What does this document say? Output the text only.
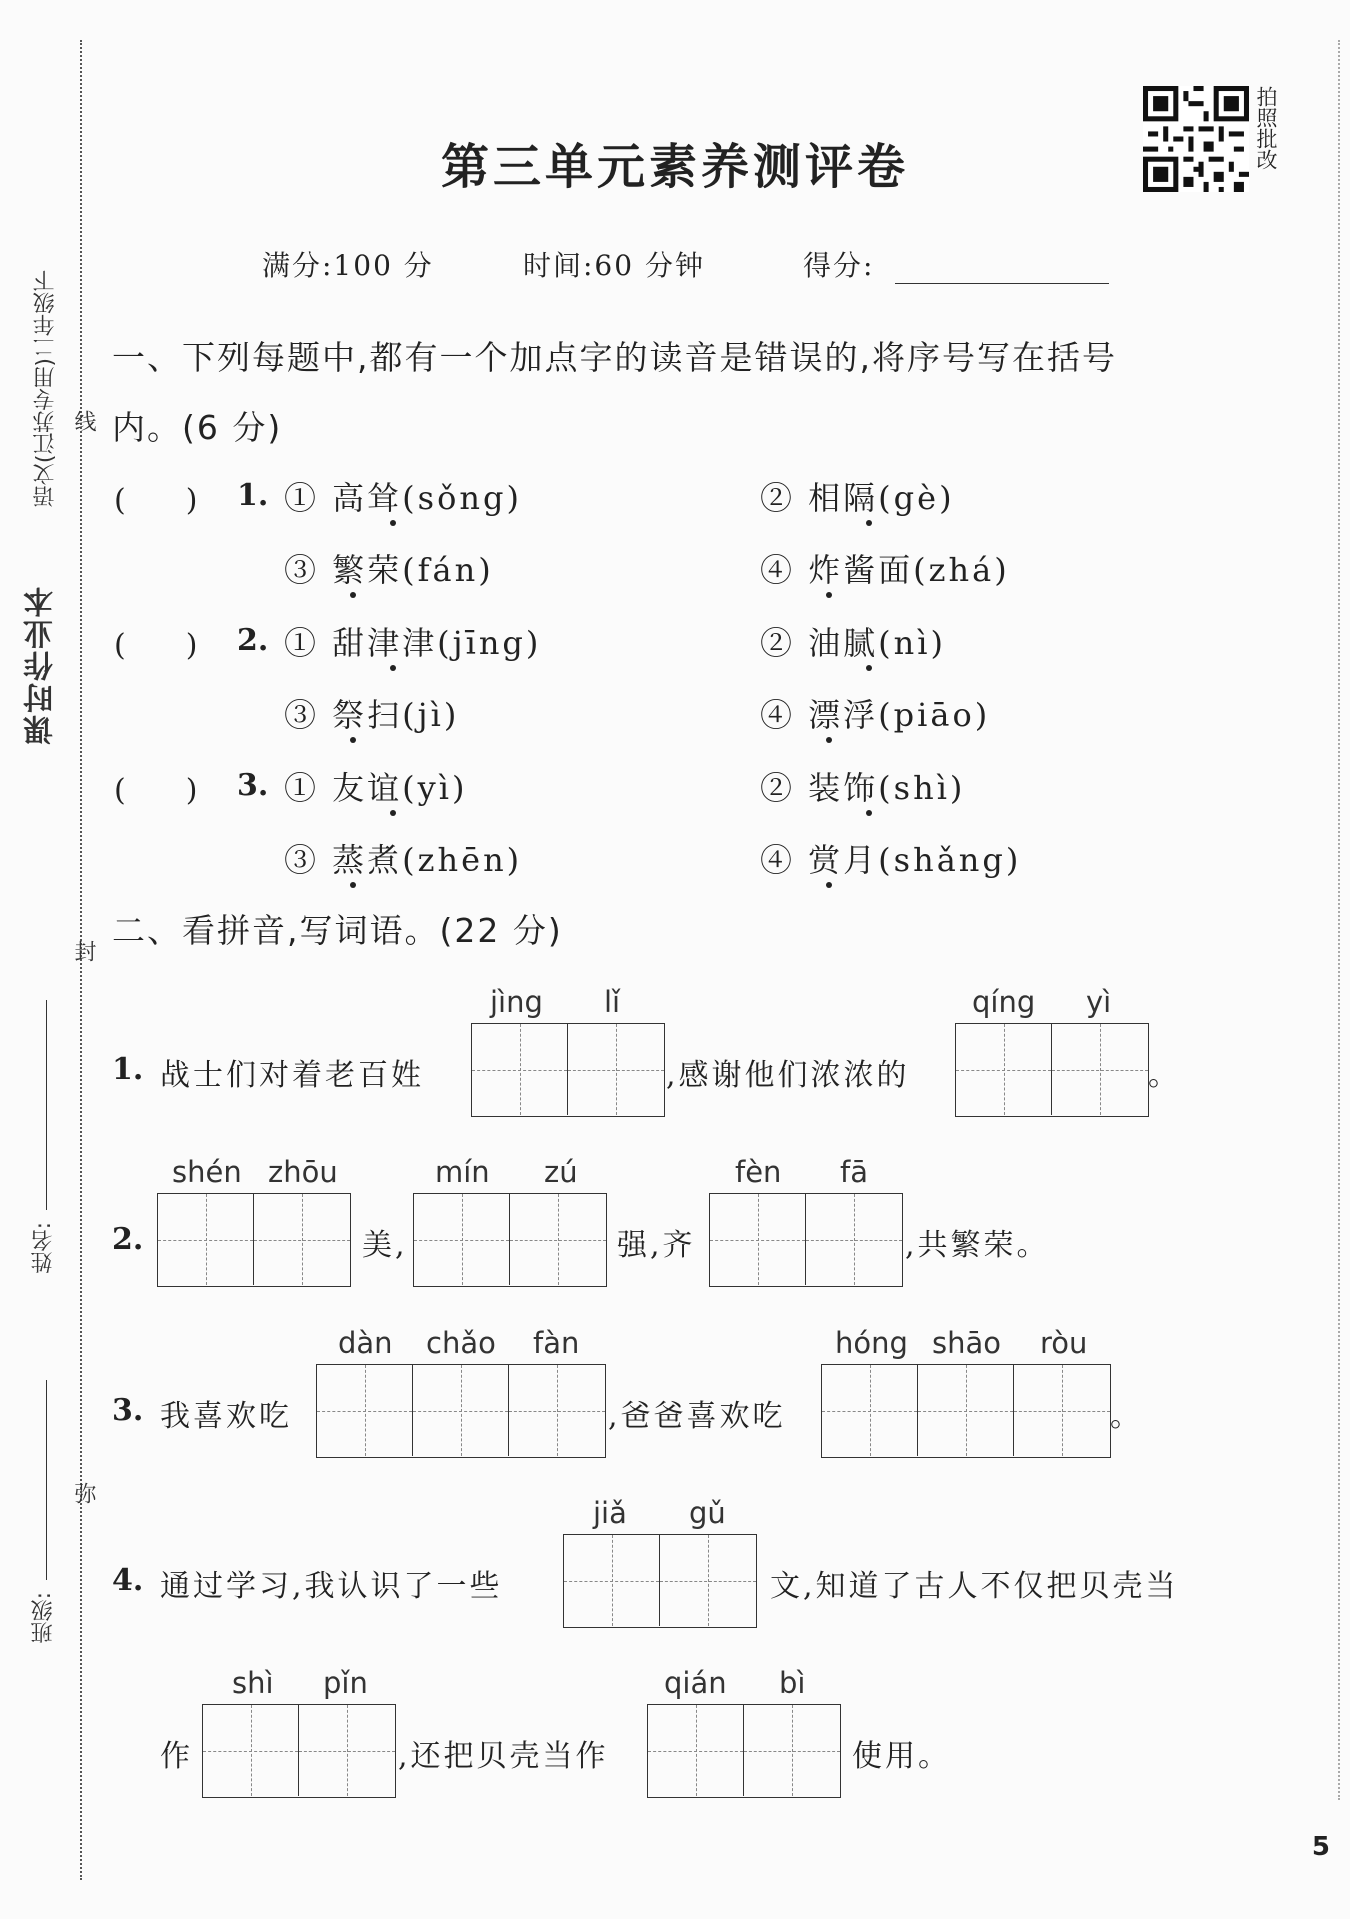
课时作业本
语文(江苏专用)二年级下 线
封
弥
姓名:
班级:
第三单元素养测评卷	拍照批改
满分:100 分	时间:60 分钟	得分:
一、下列每题中,都有一个加点字的读音是错误的,将序号写在括号
内。(6 分)
(　　) 1. ① 高耸(sǒng)	② 相隔(gè)
③ 繁荣(fán)	④ 炸酱面(zhá)
(　　) 2. ① 甜津津(jīng)	② 油腻(nì)
③ 祭扫(jì)	④ 漂浮(piāo)
(　　) 3. ① 友谊(yì)	② 装饰(shì)
③ 蒸煮(zhēn)	④ 赏月(shǎng)
二、看拼音,写词语。(22 分)
1. 战士们对着老百姓
jìng lǐ
,感谢他们浓浓的
qíng yì
。
2.
shén zhōu
美,
mín zú
强,齐
fèn fā
,共繁荣。
3. 我喜欢吃
dàn chǎo fàn
,爸爸喜欢吃
hóng shāo ròu
。
4. 通过学习,我认识了一些
jiǎ gǔ
文,知道了古人不仅把贝壳当
作
shì pǐn
,还把贝壳当作
qián bì
使用。
5
